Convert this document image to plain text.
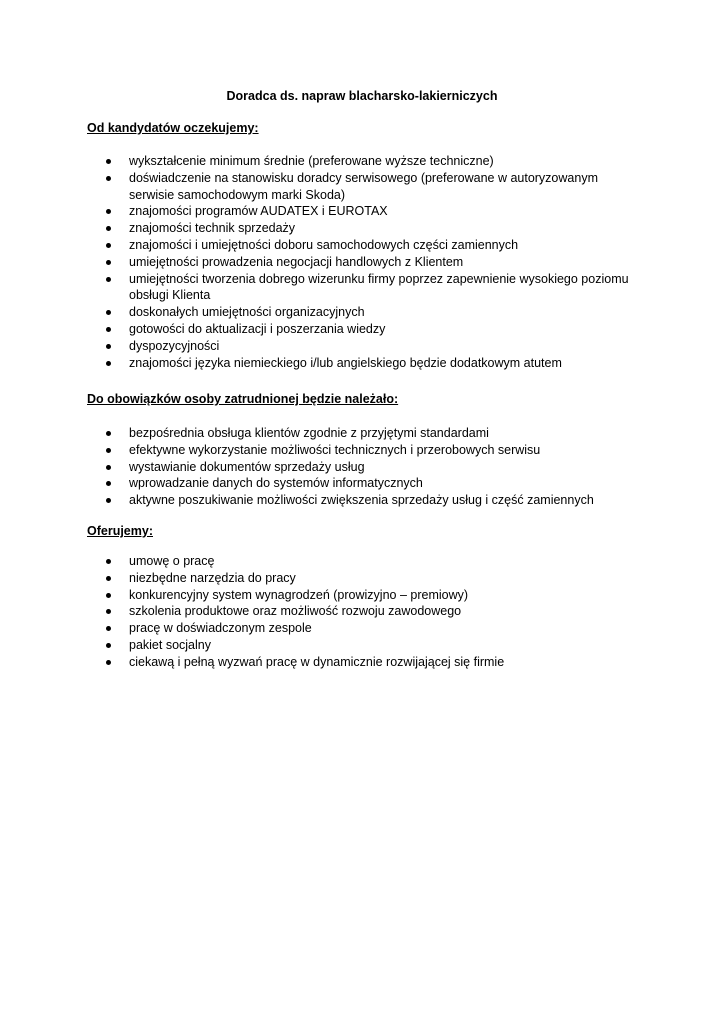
Doradca ds. napraw blacharsko-lakierniczych
Od kandydatów oczekujemy:
wykształcenie minimum średnie (preferowane wyższe techniczne)
doświadczenie na stanowisku doradcy serwisowego (preferowane w autoryzowanym serwisie samochodowym marki Skoda)
znajomości programów AUDATEX i EUROTAX
znajomości technik sprzedaży
znajomości i umiejętności doboru samochodowych części zamiennych
umiejętności prowadzenia negocjacji handlowych z Klientem
umiejętności tworzenia dobrego wizerunku firmy poprzez zapewnienie wysokiego poziomu obsługi Klienta
doskonałych umiejętności organizacyjnych
gotowości do aktualizacji i poszerzania wiedzy
dyspozycyjności
znajomości języka niemieckiego i/lub angielskiego będzie dodatkowym atutem
Do obowiązków osoby zatrudnionej będzie należało:
bezpośrednia obsługa klientów zgodnie z przyjętymi standardami
efektywne wykorzystanie możliwości technicznych i przerobowych serwisu
wystawianie dokumentów sprzedaży usług
wprowadzanie danych do systemów informatycznych
aktywne poszukiwanie możliwości zwiększenia sprzedaży usług i część zamiennych
Oferujemy:
umowę o pracę
niezbędne narzędzia do pracy
konkurencyjny system wynagrodzeń (prowizyjno – premiowy)
szkolenia produktowe oraz możliwość rozwoju zawodowego
pracę w doświadczonym zespole
pakiet socjalny
ciekawą i pełną wyzwań pracę w dynamicznie rozwijającej się firmie
